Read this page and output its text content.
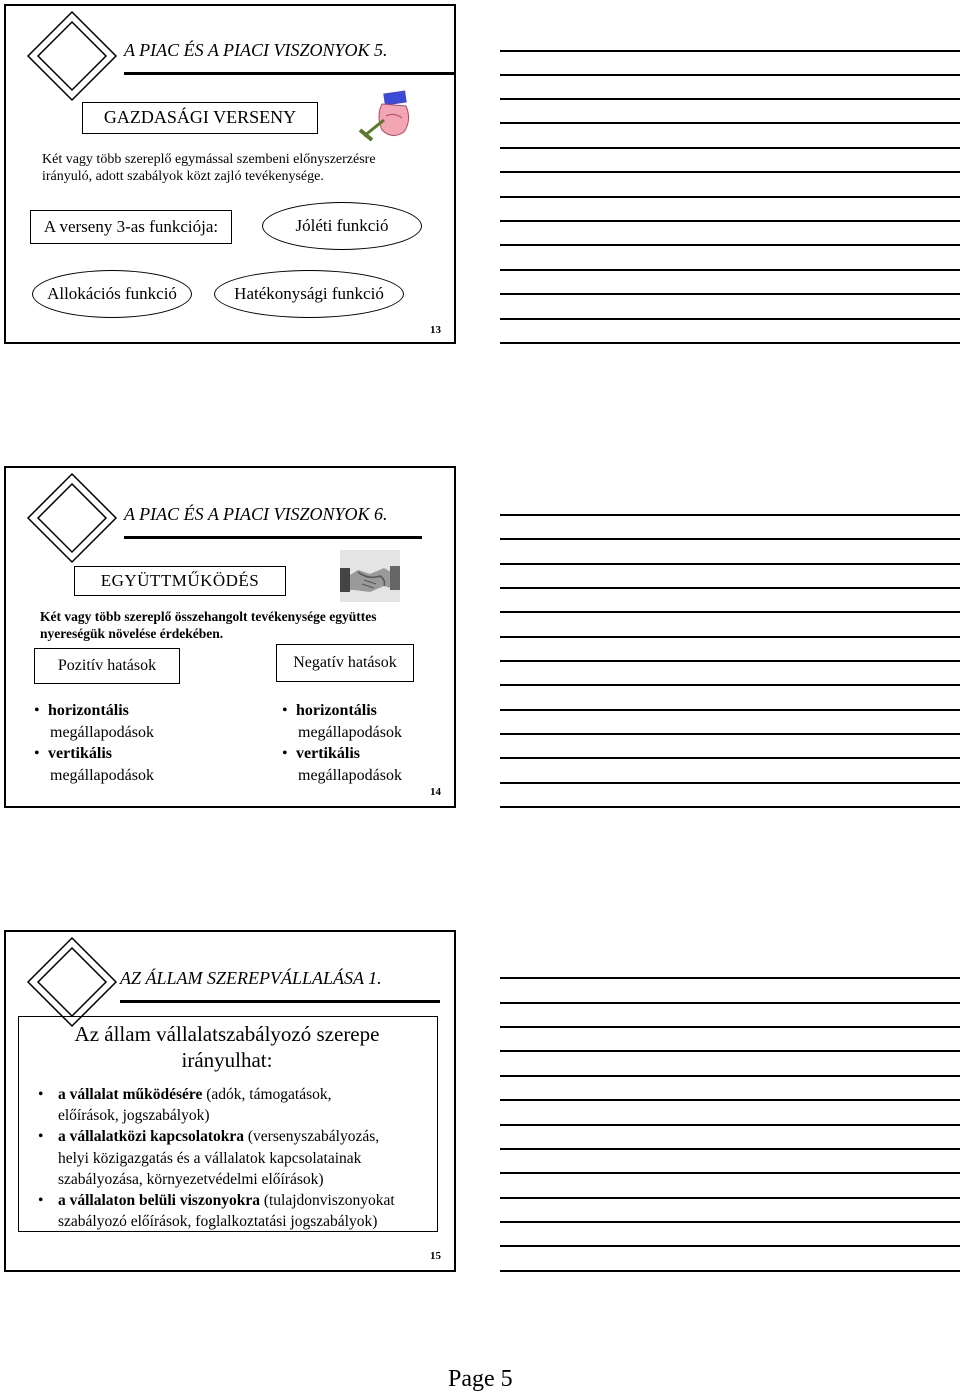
A PIAC ÉS A PIACI VISZONYOK 5.
GAZDASÁGI VERSENY
Két vagy több szereplő egymással szembeni előnyszerzésre
irányuló, adott szabályok közt zajló tevékenysége.
A verseny 3-as funkciója:	Jóléti funkció
Allokációs funkció	Hatékonysági funkció
13
A PIAC ÉS A PIACI VISZONYOK 6.
EGYÜTTMŰKÖDÉS
Két vagy több szereplő összehangolt tevékenysége együttes
nyereségük növelése érdekében.
Pozitív hatások	Negatív hatások
• horizontális
megállapodások
• vertikális
megállapodások
• horizontális
megállapodások
• vertikális
megállapodások
14
AZ ÁLLAM SZEREPVÁLLALÁSA 1.
Az állam vállalatszabályozó szerepe
irányulhat:
• a vállalat működésére (adók, támogatások,
előírások, jogszabályok)
• a vállalatközi kapcsolatokra (versenyszabályozás,
helyi közigazgatás és a vállalatok kapcsolatainak
szabályozása, környezetvédelmi előírások)
• a vállalaton belüli viszonyokra (tulajdonviszonyokat
szabályozó előírások, foglalkoztatási jogszabályok)
15
Page 5
